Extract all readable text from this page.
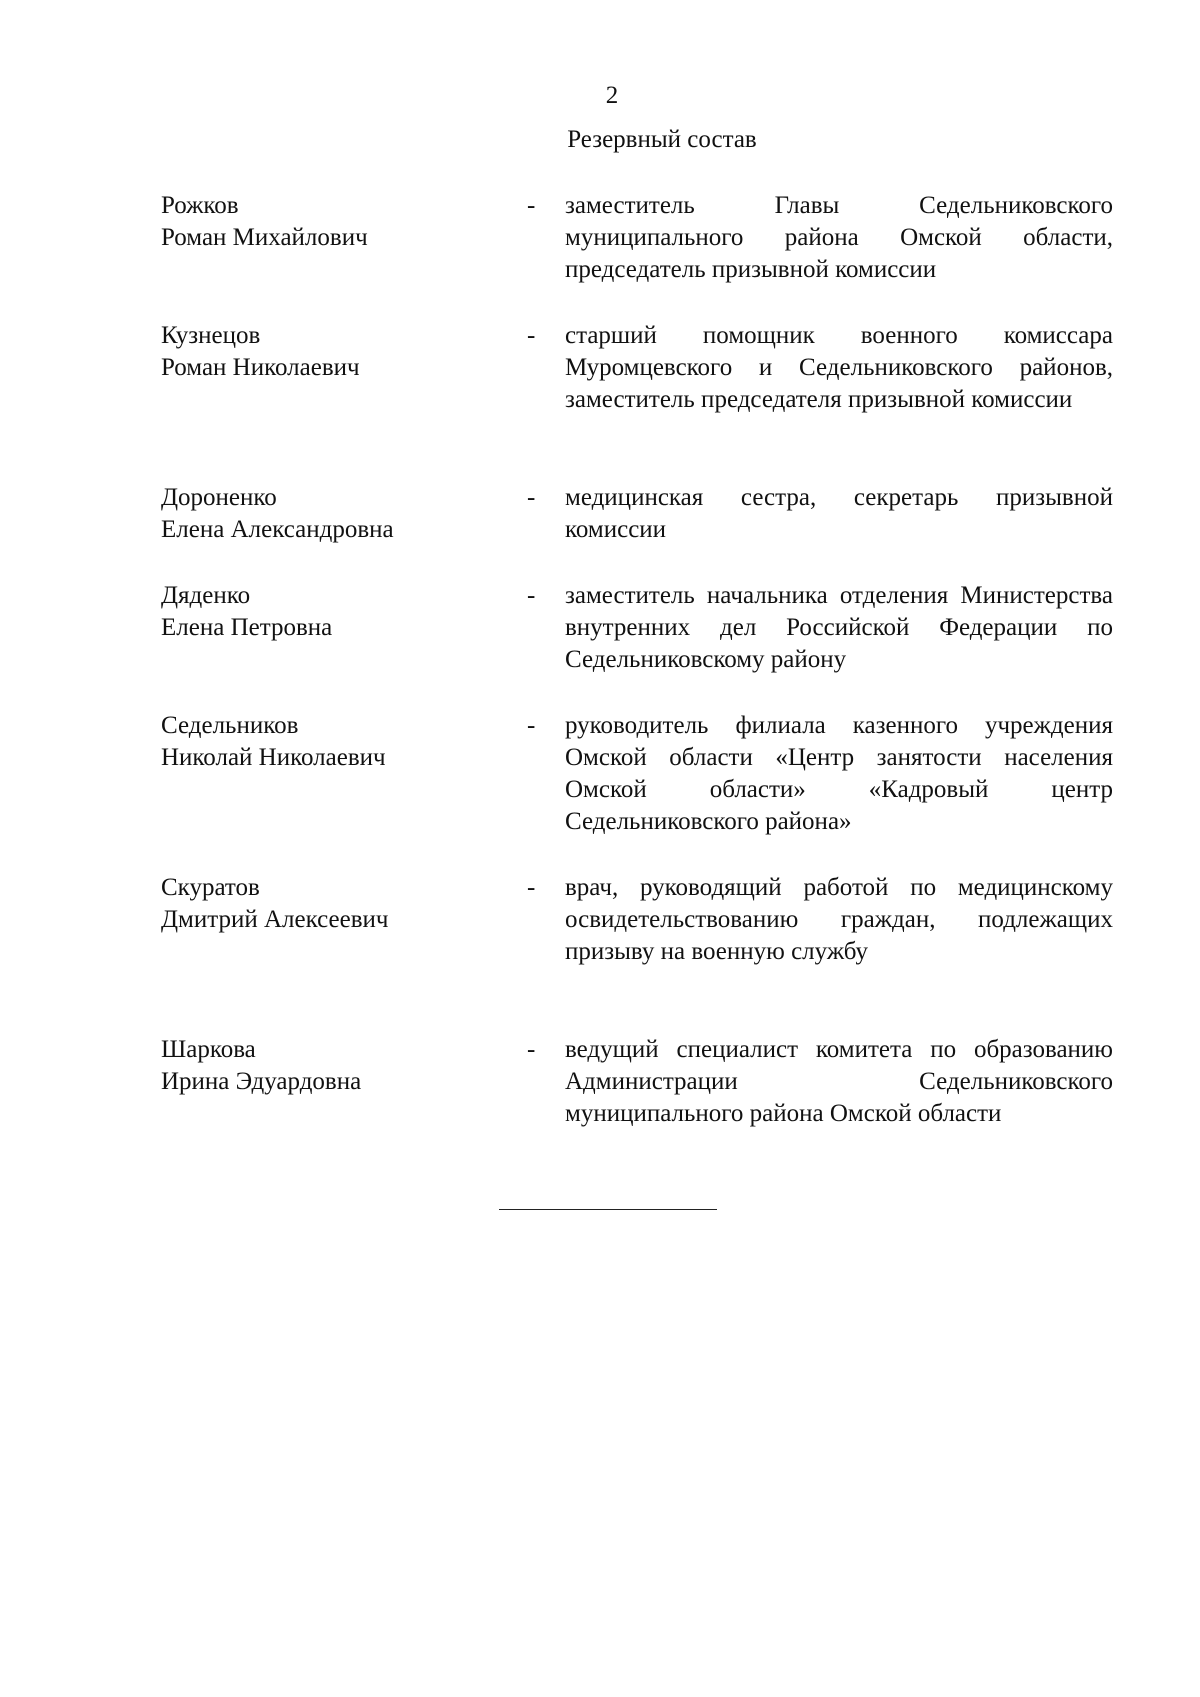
2
Резервный состав
Рожков
Роман Михайлович
- заместитель Главы Седельниковского муниципального района Омской области, председатель призывной комиссии
Кузнецов
Роман Николаевич
- старший помощник военного комиссара Муромцевского и Седельниковского районов, заместитель председателя призывной комиссии
Дороненко
Елена Александровна
- медицинская сестра, секретарь призывной комиссии
Дяденко
Елена Петровна
- заместитель начальника отделения Министерства внутренних дел Российской Федерации по Седельниковскому району
Седельников
Николай Николаевич
- руководитель филиала казенного учреждения Омской области «Центр занятости населения Омской области» «Кадровый центр Седельниковского района»
Скуратов
Дмитрий Алексеевич
- врач, руководящий работой по медицинскому освидетельствованию граждан, подлежащих призыву на военную службу
Шаркова
Ирина Эдуардовна
- ведущий специалист комитета по образованию Администрации Седельниковского муниципального района Омской области
